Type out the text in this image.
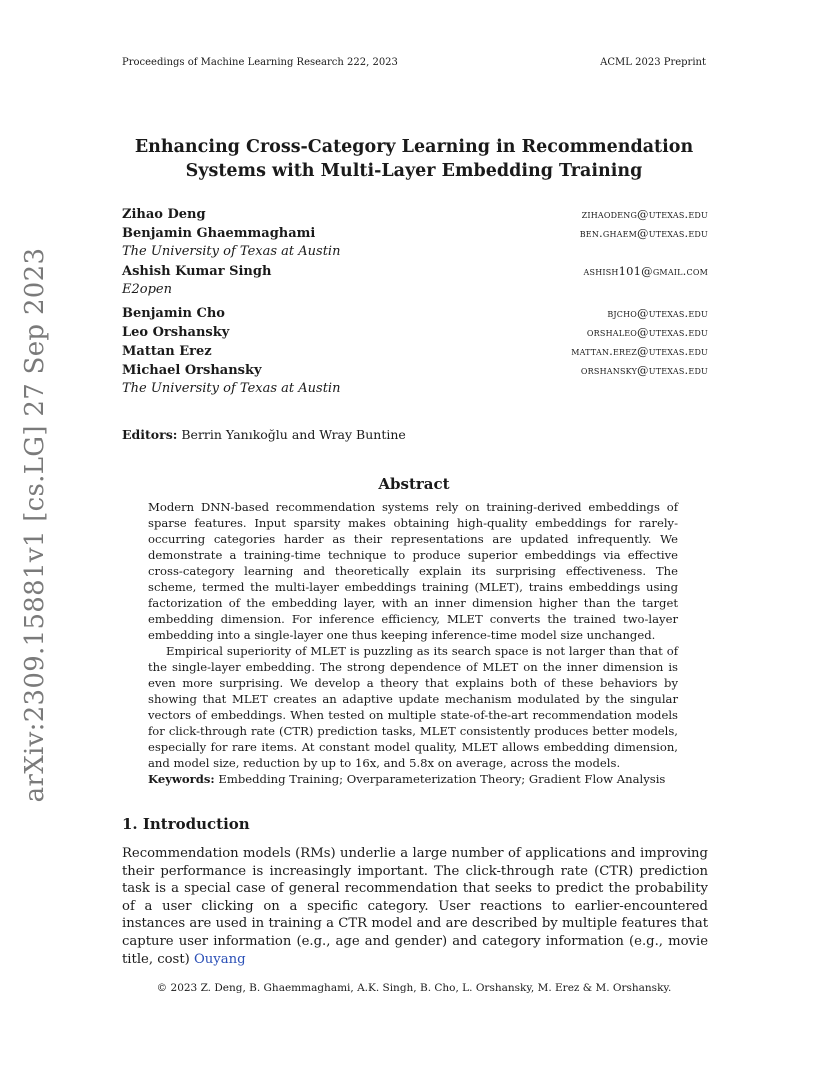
arXiv:2309.15881v1 [cs.LG] 27 Sep 2023
Proceedings of Machine Learning Research 222, 2023	ACML 2023 Preprint
Enhancing Cross-Category Learning in Recommendation
Systems with Multi-Layer Embedding Training
Zihao Deng	zihaodeng@utexas.edu
Benjamin Ghaemmaghami	ben.ghaem@utexas.edu
The University of Texas at Austin
Ashish Kumar Singh	ashish101@gmail.com
E2open
Benjamin Cho	bjcho@utexas.edu
Leo Orshansky	orshaleo@utexas.edu
Mattan Erez	mattan.erez@utexas.edu
Michael Orshansky	orshansky@utexas.edu
The University of Texas at Austin
Editors: Berrin Yanıkoğlu and Wray Buntine
Abstract

Modern DNN-based recommendation systems rely on training-derived embeddings of sparse features. Input sparsity makes obtaining high-quality embeddings for rarely-occurring categories harder as their representations are updated infrequently. We demonstrate a training-time technique to produce superior embeddings via effective cross-category learning and theoretically explain its surprising effectiveness. The scheme, termed the multi-layer embeddings training (MLET), trains embeddings using factorization of the embedding layer, with an inner dimension higher than the target embedding dimension. For inference efficiency, MLET converts the trained two-layer embedding into a single-layer one thus keeping inference-time model size unchanged.

Empirical superiority of MLET is puzzling as its search space is not larger than that of the single-layer embedding. The strong dependence of MLET on the inner dimension is even more surprising. We develop a theory that explains both of these behaviors by showing that MLET creates an adaptive update mechanism modulated by the singular vectors of embeddings. When tested on multiple state-of-the-art recommendation models for click-through rate (CTR) prediction tasks, MLET consistently produces better models, especially for rare items. At constant model quality, MLET allows embedding dimension, and model size, reduction by up to 16x, and 5.8x on average, across the models.

Keywords: Embedding Training; Overparameterization Theory; Gradient Flow Analysis
1. Introduction

Recommendation models (RMs) underlie a large number of applications and improving their performance is increasingly important. The click-through rate (CTR) prediction task is a special case of general recommendation that seeks to predict the probability of a user clicking on a specific category. User reactions to earlier-encountered instances are used in training a CTR model and are described by multiple features that capture user information (e.g., age and gender) and category information (e.g., movie title, cost) Ouyang

© 2023 Z. Deng, B. Ghaemmaghami, A.K. Singh, B. Cho, L. Orshansky, M. Erez & M. Orshansky.
